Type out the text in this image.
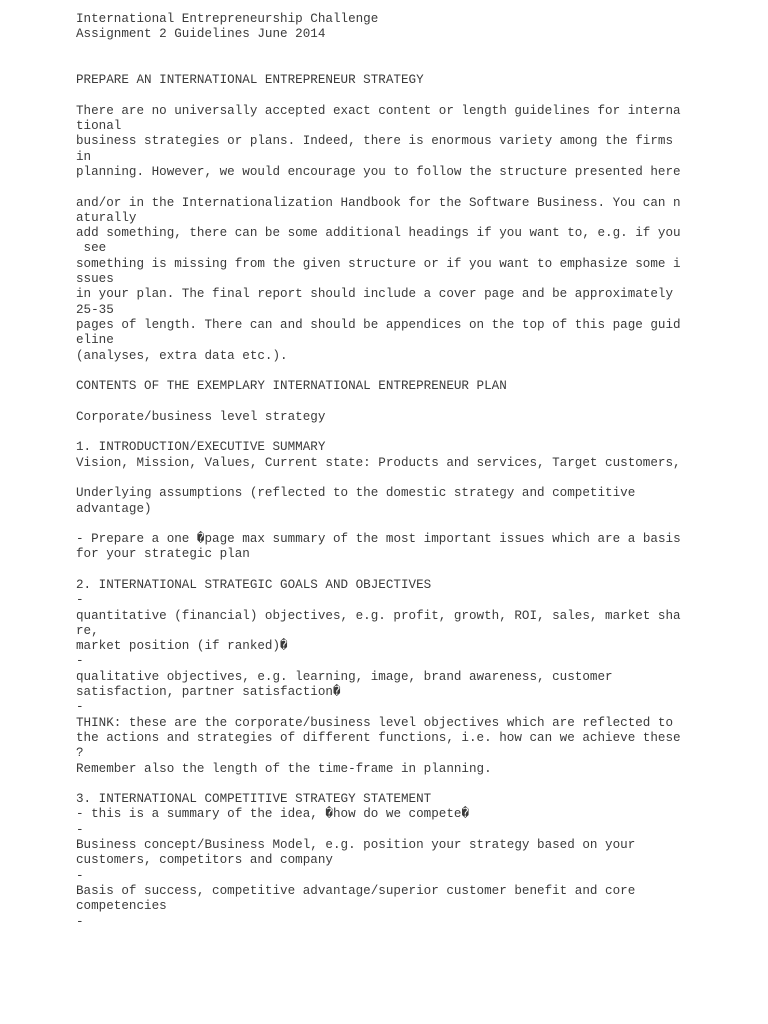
International Entrepreneurship Challenge
Assignment 2 Guidelines June 2014
PREPARE AN INTERNATIONAL ENTREPRENEUR STRATEGY
There are no universally accepted exact content or length guidelines for interna
tional
business strategies or plans. Indeed, there is enormous variety among the firms
in
planning. However, we would encourage you to follow the structure presented here
and/or in the Internationalization Handbook for the Software Business. You can n
aturally
add something, there can be some additional headings if you want to, e.g. if you
see
something is missing from the given structure or if you want to emphasize some i
ssues
in your plan. The final report should include a cover page and be approximately
25-35
pages of length. There can and should be appendices on the top of this page guid
eline
(analyses, extra data etc.).
CONTENTS OF THE EXEMPLARY INTERNATIONAL ENTREPRENEUR PLAN
Corporate/business level strategy
1. INTRODUCTION/EXECUTIVE SUMMARY
Vision, Mission, Values, Current state: Products and services, Target customers,
Underlying assumptions (reflected to the domestic strategy and competitive
advantage)
- Prepare a one �page max summary of the most important issues which are a basis
for your strategic plan
2. INTERNATIONAL STRATEGIC GOALS AND OBJECTIVES
-
quantitative (financial) objectives, e.g. profit, growth, ROI, sales, market sha
re,
market position (if ranked)�
-
qualitative objectives, e.g. learning, image, brand awareness, customer
satisfaction, partner satisfaction�
-
THINK: these are the corporate/business level objectives which are reflected to
the actions and strategies of different functions, i.e. how can we achieve these
?
Remember also the length of the time-frame in planning.
3. INTERNATIONAL COMPETITIVE STRATEGY STATEMENT
- this is a summary of the idea, �how do we compete�
-
Business concept/Business Model, e.g. position your strategy based on your
customers, competitors and company
-
Basis of success, competitive advantage/superior customer benefit and core
competencies
-
